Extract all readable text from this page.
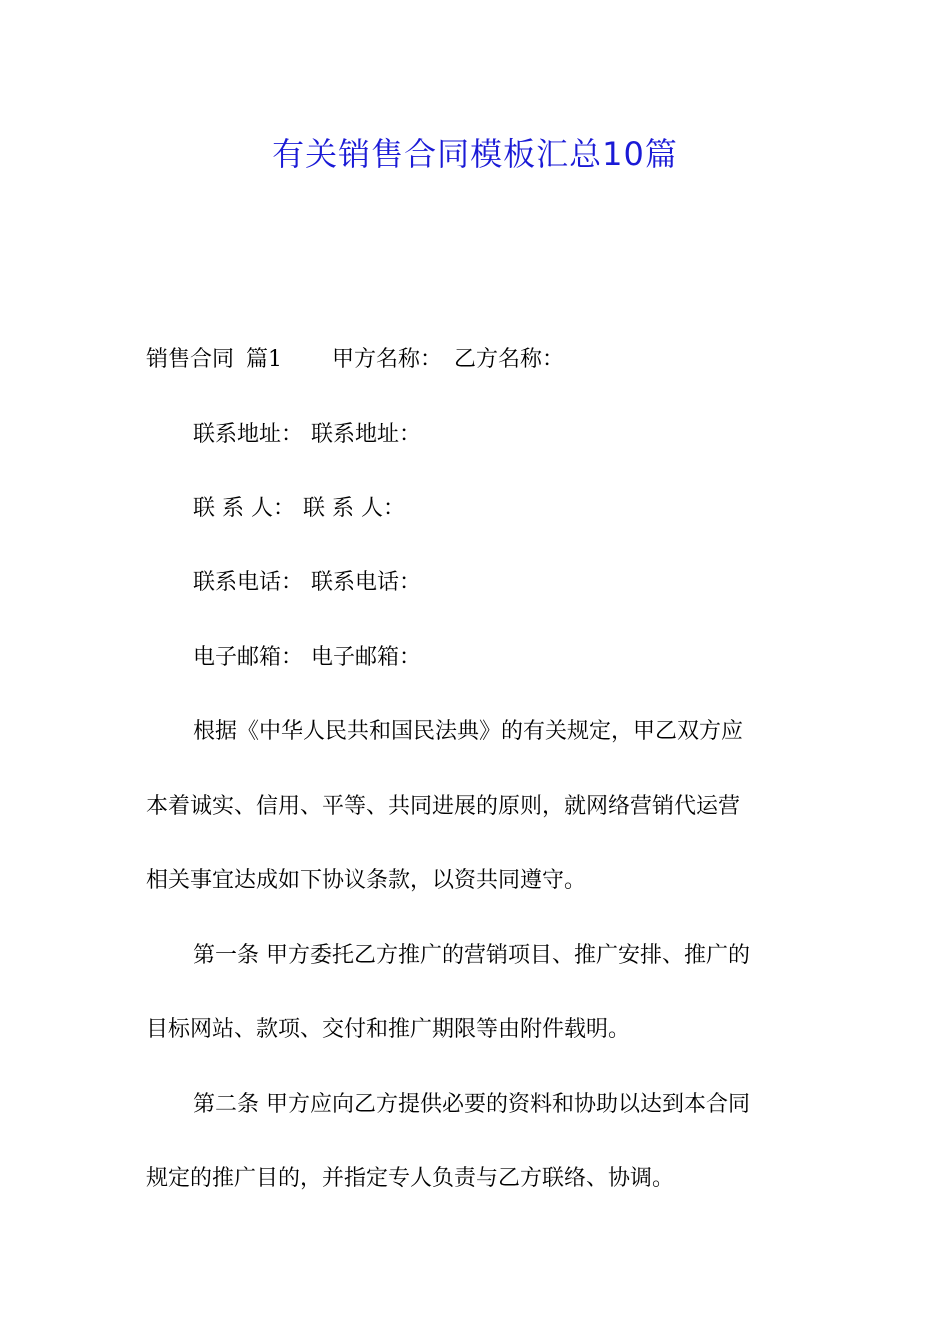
有关销售合同模板汇总10篇
销售合同 篇1 甲方名称： 乙方名称：
联系地址： 联系地址：
联 系 人： 联 系 人：
联系电话： 联系电话：
电子邮箱： 电子邮箱：
根据《中华人民共和国民法典》的有关规定，甲乙双方应
本着诚实、信用、平等、共同进展的原则，就网络营销代运营
相关事宜达成如下协议条款，以资共同遵守。
第一条 甲方委托乙方推广的营销项目、推广安排、推广的
目标网站、款项、交付和推广期限等由附件载明。
第二条 甲方应向乙方提供必要的资料和协助以达到本合同
规定的推广目的，并指定专人负责与乙方联络、协调。
